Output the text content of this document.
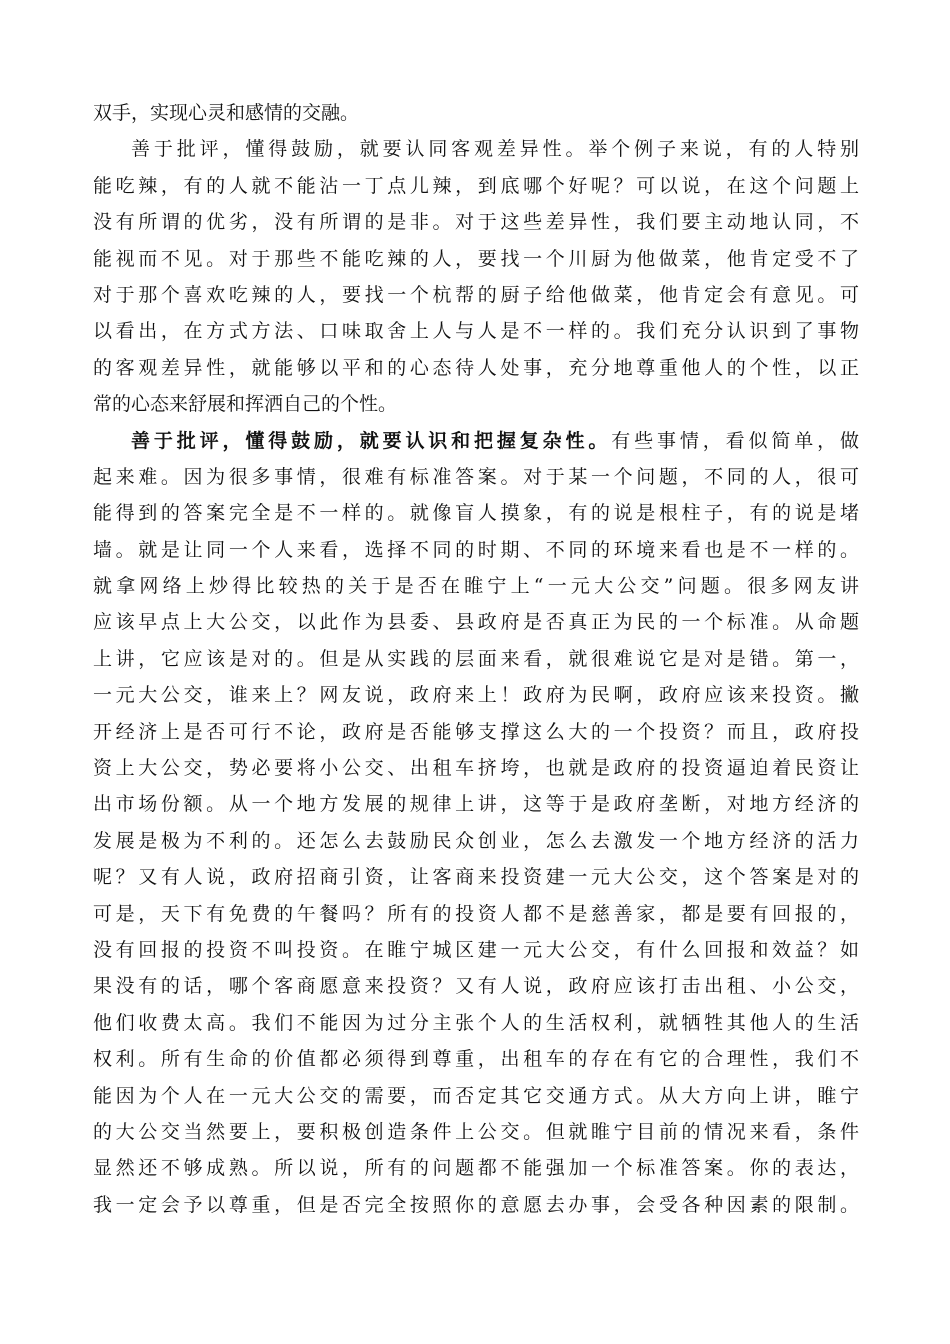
双手，实现心灵和感情的交融。
善于批评，懂得鼓励，就要认同客观差异性。举个例子来说，有的人特别
能吃辣，有的人就不能沾一丁点儿辣，到底哪个好呢？可以说，在这个问题上
没有所谓的优劣，没有所谓的是非。对于这些差异性，我们要主动地认同，不
能视而不见。对于那些不能吃辣的人，要找一个川厨为他做菜，他肯定受不了
对于那个喜欢吃辣的人，要找一个杭帮的厨子给他做菜，他肯定会有意见。可
以看出，在方式方法、口味取舍上人与人是不一样的。我们充分认识到了事物
的客观差异性，就能够以平和的心态待人处事，充分地尊重他人的个性，以正
常的心态来舒展和挥洒自己的个性。
善于批评，懂得鼓励，就要认识和把握复杂性。有些事情，看似简单，做
起来难。因为很多事情，很难有标准答案。对于某一个问题，不同的人，很可
能得到的答案完全是不一样的。就像盲人摸象，有的说是根柱子，有的说是堵
墙。就是让同一个人来看，选择不同的时期、不同的环境来看也是不一样的。
就拿网络上炒得比较热的关于是否在睢宁上“一元大公交”问题。很多网友讲
应该早点上大公交，以此作为县委、县政府是否真正为民的一个标准。从命题
上讲，它应该是对的。但是从实践的层面来看，就很难说它是对是错。第一，
一元大公交，谁来上？网友说，政府来上！政府为民啊，政府应该来投资。撇
开经济上是否可行不论，政府是否能够支撑这么大的一个投资？而且，政府投
资上大公交，势必要将小公交、出租车挤垮，也就是政府的投资逼迫着民资让
出市场份额。从一个地方发展的规律上讲，这等于是政府垄断，对地方经济的
发展是极为不利的。还怎么去鼓励民众创业，怎么去激发一个地方经济的活力
呢？又有人说，政府招商引资，让客商来投资建一元大公交，这个答案是对的
可是，天下有免费的午餐吗？所有的投资人都不是慈善家，都是要有回报的，
没有回报的投资不叫投资。在睢宁城区建一元大公交，有什么回报和效益？如
果没有的话，哪个客商愿意来投资？又有人说，政府应该打击出租、小公交，
他们收费太高。我们不能因为过分主张个人的生活权利，就牺牲其他人的生活
权利。所有生命的价值都必须得到尊重，出租车的存在有它的合理性，我们不
能因为个人在一元大公交的需要，而否定其它交通方式。从大方向上讲，睢宁
的大公交当然要上，要积极创造条件上公交。但就睢宁目前的情况来看，条件
显然还不够成熟。所以说，所有的问题都不能强加一个标准答案。你的表达，
我一定会予以尊重，但是否完全按照你的意愿去办事，会受各种因素的限制。
